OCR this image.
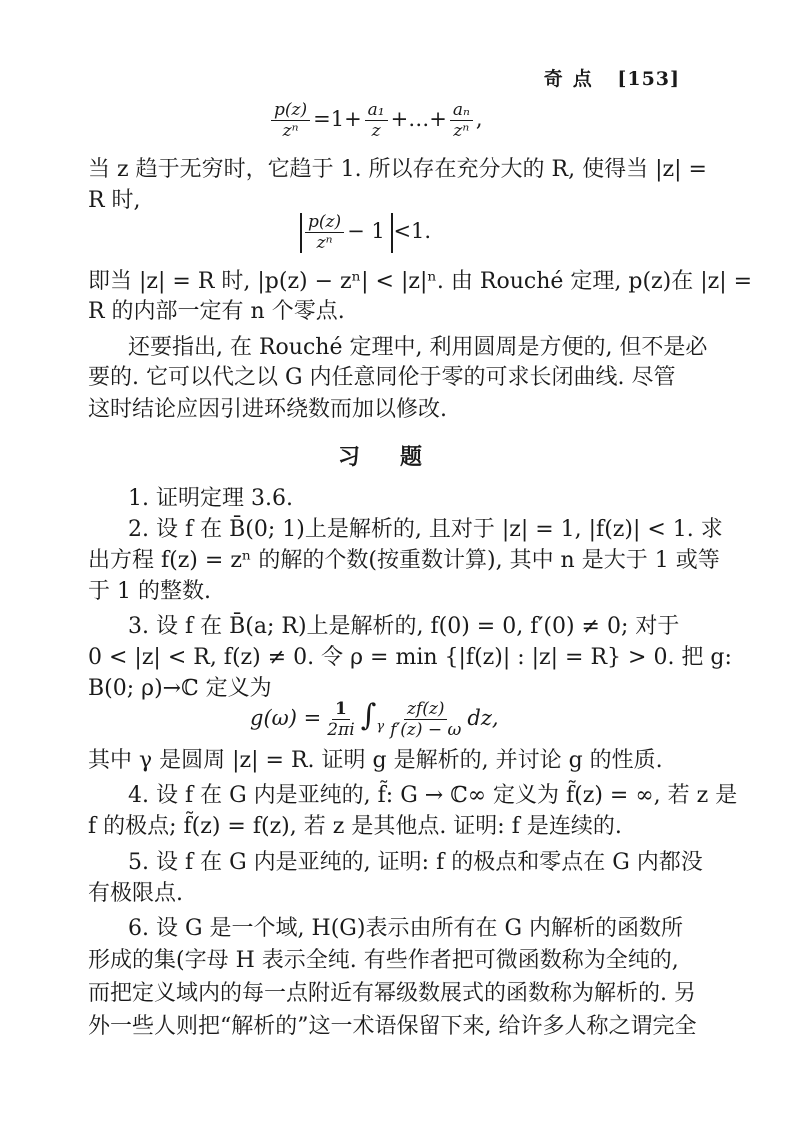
奇点 [153]
$\frac{p(z)}{\text{zⁿ}} =1+ \frac{\text{a₁}}{z}$ +…+ $\frac{\text{aₙ}}{\text{zⁿ}}$ ,
当 z 趋于无穷时，它趋于 1. 所以存在充分大的 R, 使得当 |z| =
R 时,
$\frac{p(z)}{\text{zⁿ}} - 1 <1$.
即当 |z| = R 时, |p(z) − zⁿ| < |z|ⁿ. 由 Rouché 定理, p(z)在 |z| =
R 的内部一定有 n 个零点.
还要指出, 在 Rouché 定理中, 利用圆周是方便的, 但不是必
要的. 它可以代之以 G 内任意同伦于零的可求长闭曲线. 尽管
这时结论应因引进环绕数而加以修改.
习题
1. 证明定理 3.6.
2. 设 f 在 B̄(0; 1)上是解析的, 且对于 |z| = 1, |f(z)| < 1. 求
出方程 f(z) = zⁿ 的解的个数(按重数计算), 其中 n 是大于 1 或等
于 1 的整数.
3. 设 f 在 B̄(a; R)上是解析的, f(0) = 0, f′(0) ≠ 0; 对于
0 < |z| < R, f(z) ≠ 0. 令 ρ = min {|f(z)| : |z| = R} > 0. 把 g:
B(0; ρ)→ℂ 定义为
$g(\omega) = \frac{1}{2\pi i} \int_\gamma \frac{zf(z)}{f'(z) - \omega}$ dz,
其中 γ 是圆周 |z| = R. 证明 g 是解析的, 并讨论 g 的性质.
4. 设 f 在 G 内是亚纯的, f̃: G → ℂ∞ 定义为 f̃(z) = ∞, 若 z 是
f 的极点; f̃(z) = f(z), 若 z 是其他点. 证明: f 是连续的.
5. 设 f 在 G 内是亚纯的, 证明: f 的极点和零点在 G 内都没
有极限点.
6. 设 G 是一个域, H(G)表示由所有在 G 内解析的函数所
形成的集(字母 H 表示全纯. 有些作者把可微函数称为全纯的,
而把定义域内的每一点附近有幂级数展式的函数称为解析的. 另
外一些人则把“解析的”这一术语保留下来, 给许多人称之谓完全
